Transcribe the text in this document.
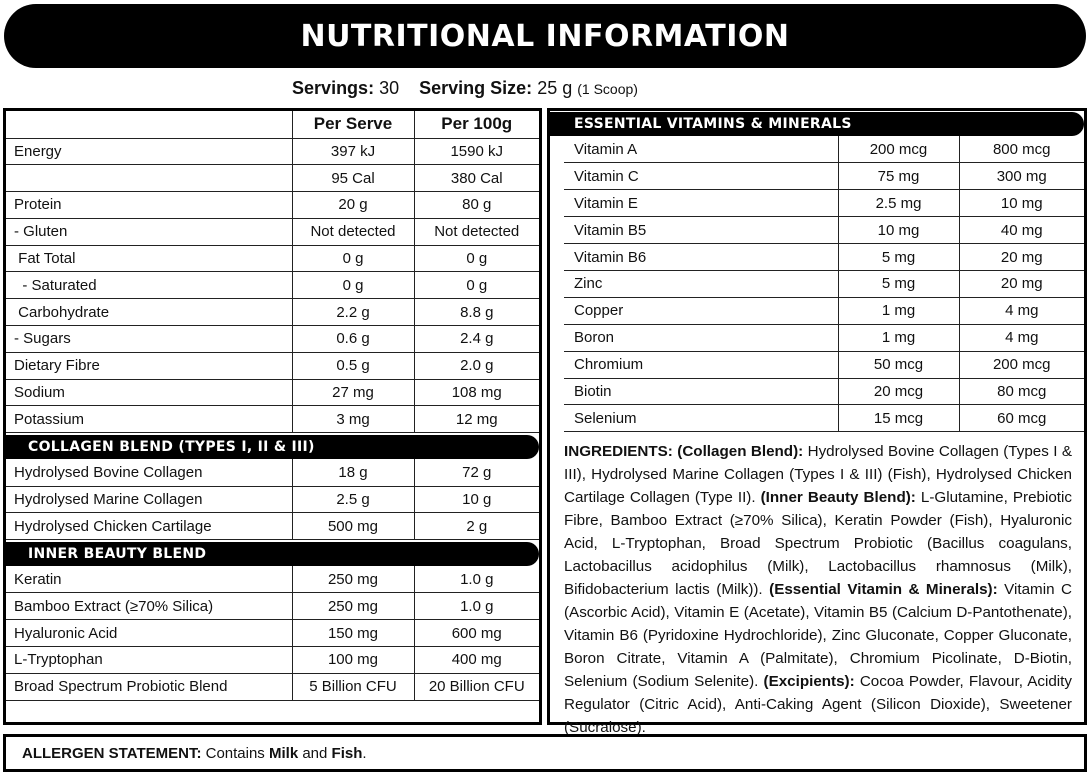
NUTRITIONAL INFORMATION
Servings: 30 Serving Size: 25 g (1 Scoop)
	Per Serve	Per 100g
Energy	397 kJ	1590 kJ
	95 Cal	380 Cal
Protein	20 g	80 g
- Gluten	Not detected	Not detected
Fat Total	0 g	0 g
- Saturated	0 g	0 g
Carbohydrate	2.2 g	8.8 g
- Sugars	0.6 g	2.4 g
Dietary Fibre	0.5 g	2.0 g
Sodium	27 mg	108 mg
Potassium	3 mg	12 mg
COLLAGEN BLEND (TYPES I, II & III)
Hydrolysed Bovine Collagen	18 g	72 g
Hydrolysed Marine Collagen	2.5 g	10 g
Hydrolysed Chicken Cartilage	500 mg	2 g
INNER BEAUTY BLEND
Keratin	250 mg	1.0 g
Bamboo Extract (≥70% Silica)	250 mg	1.0 g
Hyaluronic Acid	150 mg	600 mg
L-Tryptophan	100 mg	400 mg
Broad Spectrum Probiotic Blend	5 Billion CFU	20 Billion CFU
ESSENTIAL VITAMINS & MINERALS
Vitamin A	200 mcg	800 mcg
Vitamin C	75 mg	300 mg
Vitamin E	2.5 mg	10 mg
Vitamin B5	10 mg	40 mg
Vitamin B6	5 mg	20 mg
Zinc	5 mg	20 mg
Copper	1 mg	4 mg
Boron	1 mg	4 mg
Chromium	50 mcg	200 mcg
Biotin	20 mcg	80 mcg
Selenium	15 mcg	60 mcg

INGREDIENTS: (Collagen Blend): Hydrolysed Bovine Collagen (Types I & III), Hydrolysed Marine Collagen (Types I & III) (Fish), Hydrolysed Chicken Cartilage Collagen (Type II). (Inner Beauty Blend): L-Glutamine, Prebiotic Fibre, Bamboo Extract (≥70% Silica), Keratin Powder (Fish), Hyaluronic Acid, L-Tryptophan, Broad Spectrum Probiotic (Bacillus coagulans, Lactobacillus acidophilus (Milk), Lactobacillus rhamnosus (Milk), Bifidobacterium lactis (Milk)). (Essential Vitamin & Minerals): Vitamin C (Ascorbic Acid), Vitamin E (Acetate), Vitamin B5 (Calcium D-Pantothenate), Vitamin B6 (Pyridoxine Hydrochloride), Zinc Gluconate, Copper Gluconate, Boron Citrate, Vitamin A (Palmitate), Chromium Picolinate, D-Biotin, Selenium (Sodium Selenite). (Excipients): Cocoa Powder, Flavour, Acidity Regulator (Citric Acid), Anti-Caking Agent (Silicon Dioxide), Sweetener (Sucralose).

ALLERGEN STATEMENT: Contains Milk and Fish.
